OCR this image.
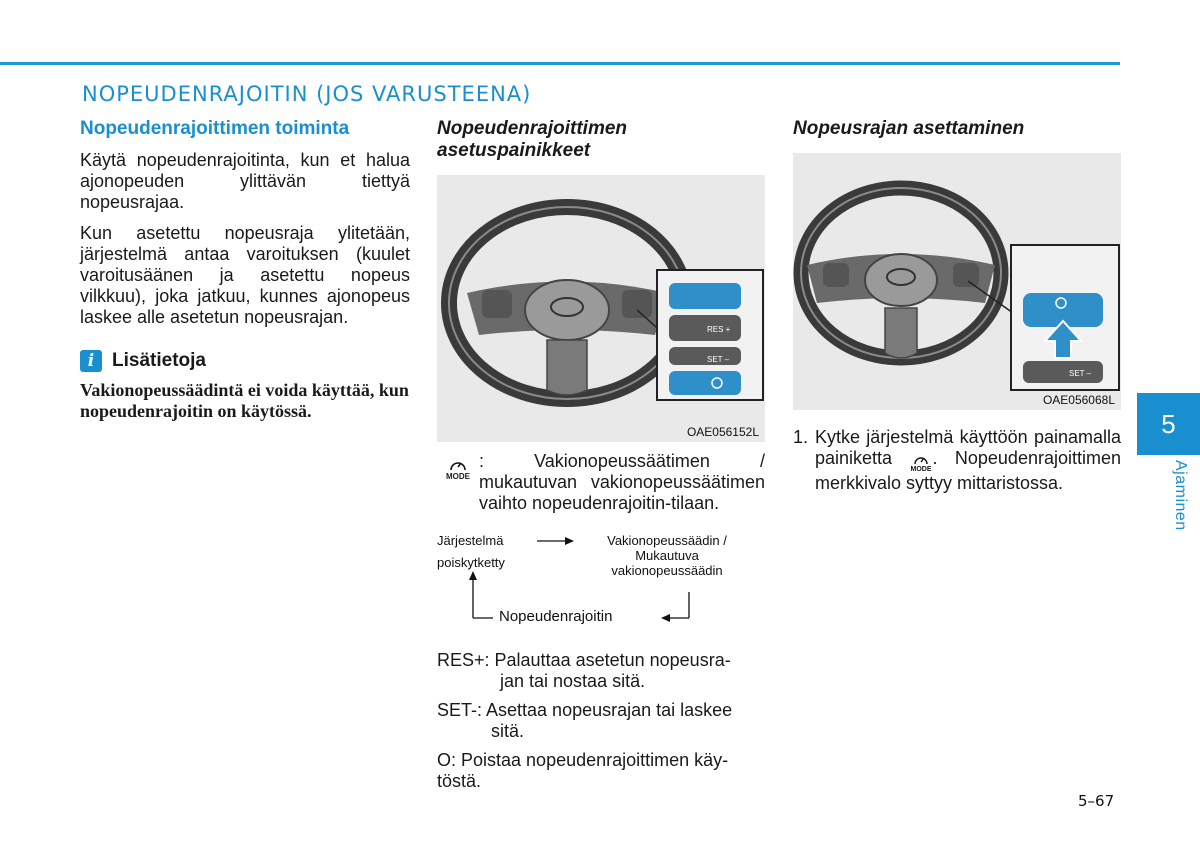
NOPEUDENRAJOITIN (JOS VARUSTEENA)
Nopeudenrajoittimen toiminta

Käytä nopeudenrajoitinta, kun et halua ajonopeuden ylittävän tiettyä nopeusrajaa.

Kun asetettu nopeusraja ylitetään, järjestelmä antaa varoituksen (kuulet varoitusäänen ja asetettu nopeus vilkkuu), joka jatkuu, kunnes ajonopeus laskee alle asetetun nopeusrajan.

i Lisätietoja

Vakionopeussäädintä ei voida käyttää, kun nopeudenrajoitin on käytössä.

Nopeudenrajoittimen asetuspainikkeet
RES +
SET –
OAE056152L
MODE
: Vakionopeussäätimen / mukautuvan vakionopeussäätimen vaihto nopeudenrajoitin-tilaan.
Järjestelmä
poiskytketty
Vakionopeussäädin /
Mukautuva
vakionopeussäädin
Nopeudenrajoitin

RES+: Palauttaa asetetun nopeusra-
jan tai nostaa sitä.

SET-: Asettaa nopeusrajan tai laskee
sitä.

O: Poistaa nopeudenrajoittimen käy-
töstä.

Nopeusrajan asettaminen
SET –
OAE056068L
1. Kytke järjestelmä käyttöön painamalla painiketta
MODE
. Nopeudenrajoittimen merkkivalo syttyy mittaristossa.
5
Ajaminen
5–67
